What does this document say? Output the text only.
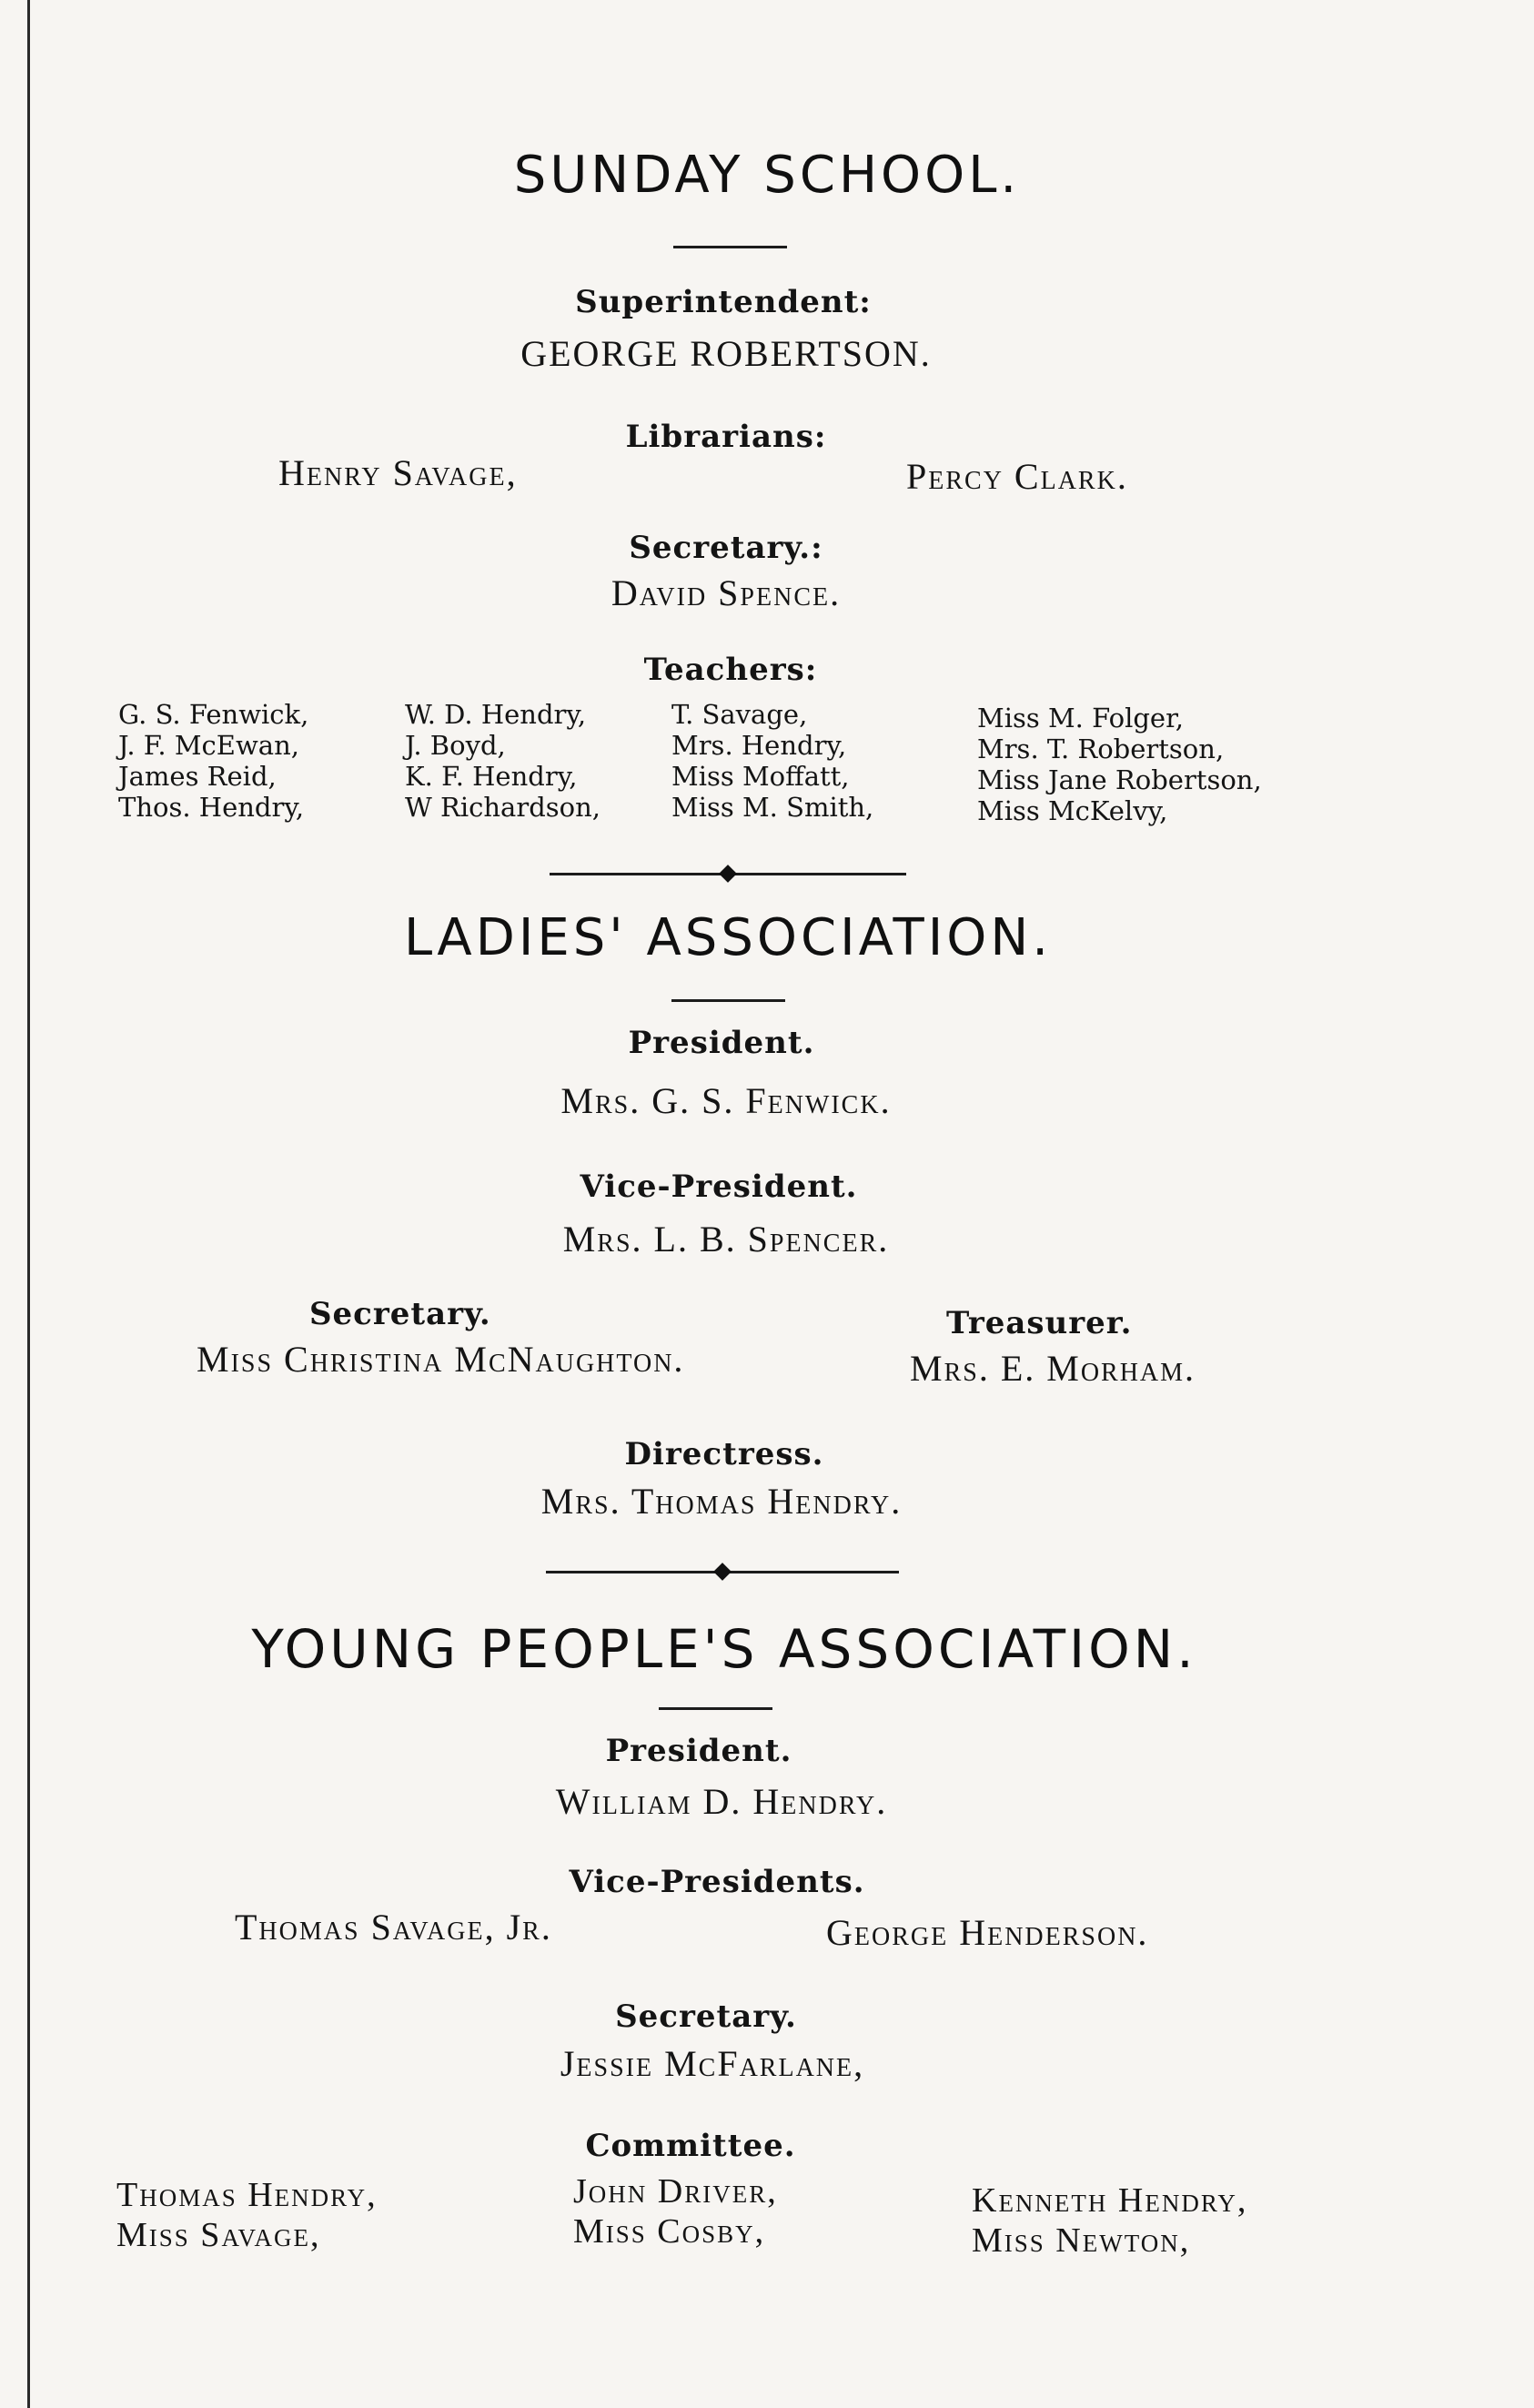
SUNDAY SCHOOL.
Superintendent:
GEORGE ROBERTSON.
Librarians:
Henry Savage,	Percy Clark.
Secretary.:
David Spence.
Teachers:
G. S. Fenwick,
J. F. McEwan,
James Reid,
Thos. Hendry,
W. D. Hendry,
J. Boyd,
K. F. Hendry,
W Richardson,
T. Savage,
Mrs. Hendry,
Miss Moffatt,
Miss M. Smith,
Miss M. Folger,
Mrs. T. Robertson,
Miss Jane Robertson,
Miss McKelvy,
LADIES' ASSOCIATION.
President.
Mrs. G. S. Fenwick.
Vice-President.
Mrs. L. B. Spencer.
Secretary.
Miss Christina McNaughton.
Treasurer.
Mrs. E. Morham.
Directress.
Mrs. Thomas Hendry.
YOUNG PEOPLE'S ASSOCIATION.
President.
William D. Hendry.
Vice-Presidents.
Thomas Savage, Jr.	George Henderson.
Secretary.
Jessie McFarlane,
Committee.
Thomas Hendry,
Miss Savage,
John Driver,
Miss Cosby,
Kenneth Hendry,
Miss Newton,
